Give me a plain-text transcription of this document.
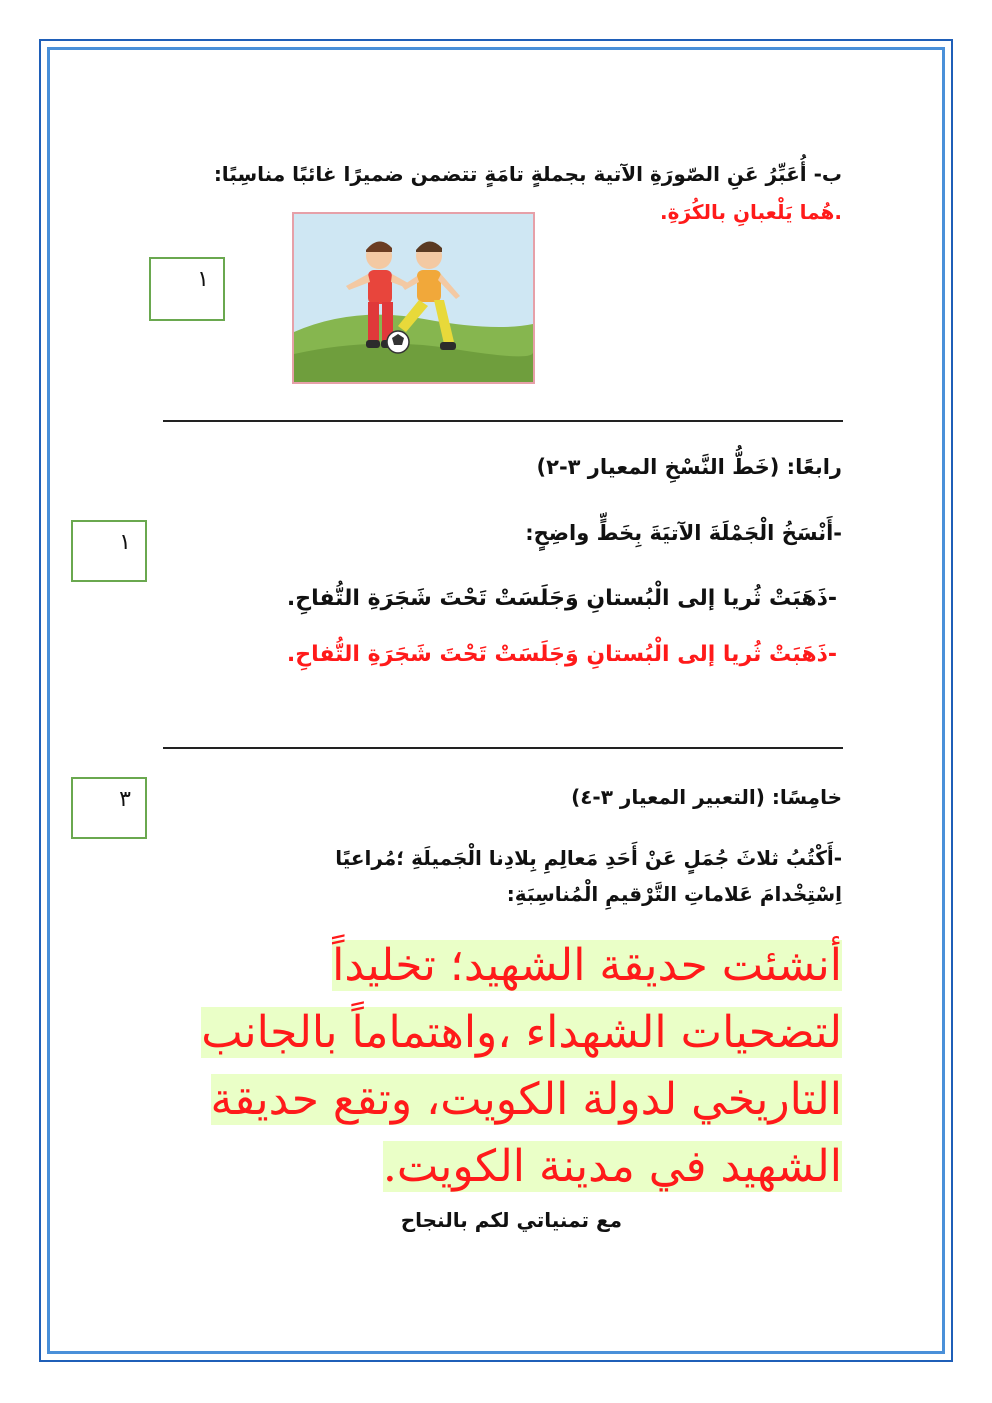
ب- أُعَبِّرُ عَنِ الصّورَةِ الآتية بجملةٍ تامَةٍ تتضمن ضميرًا غائبًا مناسِبًا:
.هُما يَلْعبانِ بالكُرَةِ.
١
رابعًا: (خَطُّ النَّسْخِ المعيار ٣-٢)
-أَنْسَخُ الْجَمْلَةَ الآتيَةَ بِخَطٍّ واضِحٍ:
-ذَهَبَتْ ثُريا إلى الْبُستانِ وَجَلَسَتْ تَحْتَ شَجَرَةِ التُّفاحِ.
-ذَهَبَتْ ثُريا إلى الْبُستانِ وَجَلَسَتْ تَحْتَ شَجَرَةِ التُّفاحِ.
١
خامِسًا: (التعبير المعيار ٣-٤)
-أَكْتُبُ ثلاثَ جُمَلٍ عَنْ أَحَدِ مَعالِمِ بِلادِنا الْجَميلَةِ ؛مُراعيًا
اِسْتِخْدامَ عَلاماتِ التَّرْقيمِ الْمُناسِبَةِ:
٣
أنشئت حديقة الشهيد؛ تخليداً
لتضحيات الشهداء ،واهتماماً بالجانب
التاريخي لدولة الكويت، وتقع حديقة
الشهيد في مدينة الكويت.
مع تمنياتي لكم بالنجاح
